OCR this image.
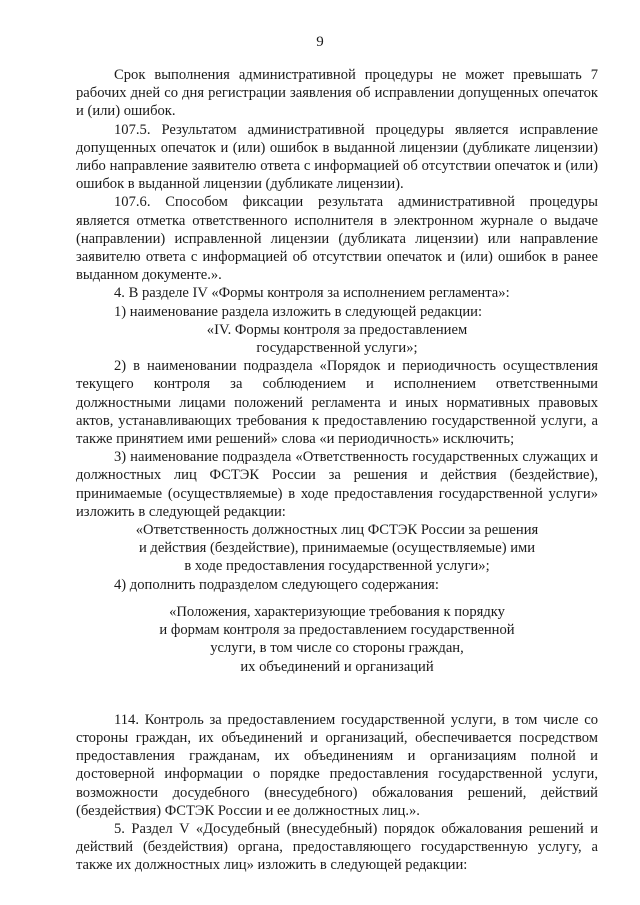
9

Срок выполнения административной процедуры не может превышать 7 рабочих дней со дня регистрации заявления об исправлении допущенных опечаток и (или) ошибок.

107.5. Результатом административной процедуры является исправление допущенных опечаток и (или) ошибок в выданной лицензии (дубликате лицензии) либо направление заявителю ответа с информацией об отсутствии опечаток и (или) ошибок в выданной лицензии (дубликате лицензии).

107.6. Способом фиксации результата административной процедуры является отметка ответственного исполнителя в электронном журнале о выдаче (направлении) исправленной лицензии (дубликата лицензии) или направление заявителю ответа с информацией об отсутствии опечаток и (или) ошибок в ранее выданном документе.».

4. В разделе IV «Формы контроля за исполнением регламента»:

1) наименование раздела изложить в следующей редакции:

«IV. Формы контроля за предоставлением

государственной услуги»;

2) в наименовании подраздела «Порядок и периодичность осуществления текущего контроля за соблюдением и исполнением ответственными должностными лицами положений регламента и иных нормативных правовых актов, устанавливающих требования к предоставлению государственной услуги, а также принятием ими решений» слова «и периодичность» исключить;

3) наименование подраздела «Ответственность государственных служащих и должностных лиц ФСТЭК России за решения и действия (бездействие), принимаемые (осуществляемые) в ходе предоставления государственной услуги» изложить в следующей редакции:

«Ответственность должностных лиц ФСТЭК России за решения

и действия (бездействие), принимаемые (осуществляемые) ими

в ходе предоставления государственной услуги»;

4) дополнить подразделом следующего содержания:

«Положения, характеризующие требования к порядку

и формам контроля за предоставлением государственной

услуги, в том числе со стороны граждан,

их объединений и организаций

114. Контроль за предоставлением государственной услуги, в том числе со стороны граждан, их объединений и организаций, обеспечивается посредством предоставления гражданам, их объединениям и организациям полной и достоверной информации о порядке предоставления государственной услуги, возможности досудебного (внесудебного) обжалования решений, действий (бездействия) ФСТЭК России и ее должностных лиц.».

5. Раздел V «Досудебный (внесудебный) порядок обжалования решений и действий (бездействия) органа, предоставляющего государственную услугу, а также их должностных лиц» изложить в следующей редакции:
